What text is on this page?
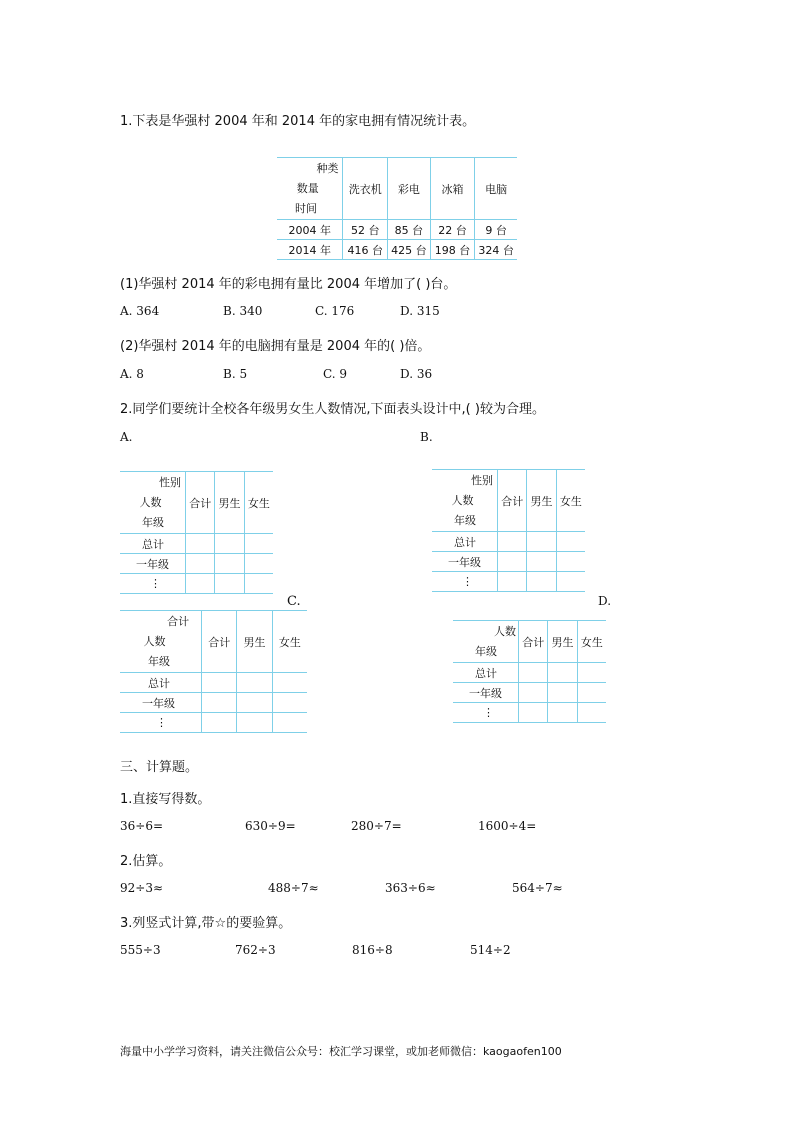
1.下表是华强村 2004 年和 2014 年的家电拥有情况统计表。
种类
数量
时间	洗衣机	彩电	冰箱	电脑
2004 年	52 台	85 台	22 台	9 台
2014 年	416 台	425 台	198 台	324 台
(1)华强村 2014 年的彩电拥有量比 2004 年增加了( )台。
A. 364	B. 340	C. 176	D. 315
(2)华强村 2014 年的电脑拥有量是 2004 年的( )倍。
A. 8	B. 5	C. 9	D. 36
2.同学们要统计全校各年级男女生人数情况,下面表头设计中,( )较为合理。
A.	B.
性别
人数
年级	合计	男生	女生
总计			
一年级			
⋮			
性别
人数
年级	合计	男生	女生
总计			
一年级			
⋮			
C.	D.
合计
人数
年级	合计	男生	女生
总计			
一年级			
⋮			
人数
年级	合计	男生	女生
总计			
一年级			
⋮			
三、计算题。
1.直接写得数。
36÷6=	630÷9=	280÷7=	1600÷4=
2.估算。
92÷3≈	488÷7≈	363÷6≈	564÷7≈
3.列竖式计算,带☆的要验算。
555÷3	762÷3	816÷8	514÷2
海量中小学学习资料，请关注微信公众号：校汇学习课堂，或加老师微信：kaogaofen100
